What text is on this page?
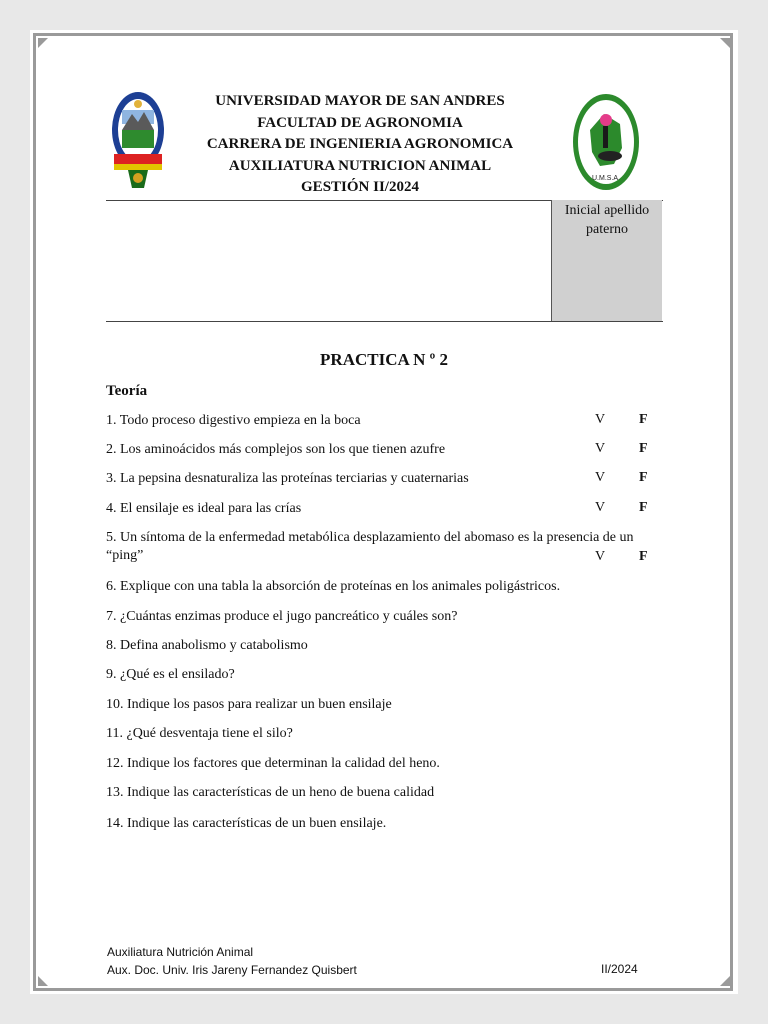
UNIVERSIDAD MAYOR DE SAN ANDRES
FACULTAD DE AGRONOMIA
CARRERA DE INGENIERIA AGRONOMICA
AUXILIATURA NUTRICION ANIMAL
GESTIÓN II/2024
U.M.S.A.
Inicial apellido paterno
PRACTICA N º 2
Teoría
1. Todo proceso digestivo empieza en la boca	V F
2. Los aminoácidos más complejos son los que tienen azufre	V F
3. La pepsina desnaturaliza las proteínas terciarias y cuaternarias	V F
4. El ensilaje es ideal para las crías	V F
5. Un síntoma de la enfermedad metabólica desplazamiento del abomaso es la presencia de un “ping”	V F
6. Explique con una tabla la absorción de proteínas en los animales poligástricos.
7. ¿Cuántas enzimas produce el jugo pancreático y cuáles son?
8. Defina anabolismo y catabolismo
9. ¿Qué es el ensilado?
10. Indique los pasos para realizar un buen ensilaje
11. ¿Qué desventaja tiene el silo?
12. Indique los factores que determinan la calidad del heno.
13. Indique las características de un heno de buena calidad
14. Indique las características de un buen ensilaje.
Auxiliatura Nutrición Animal
Aux. Doc. Univ. Iris Jareny Fernandez Quisbert	II/2024
